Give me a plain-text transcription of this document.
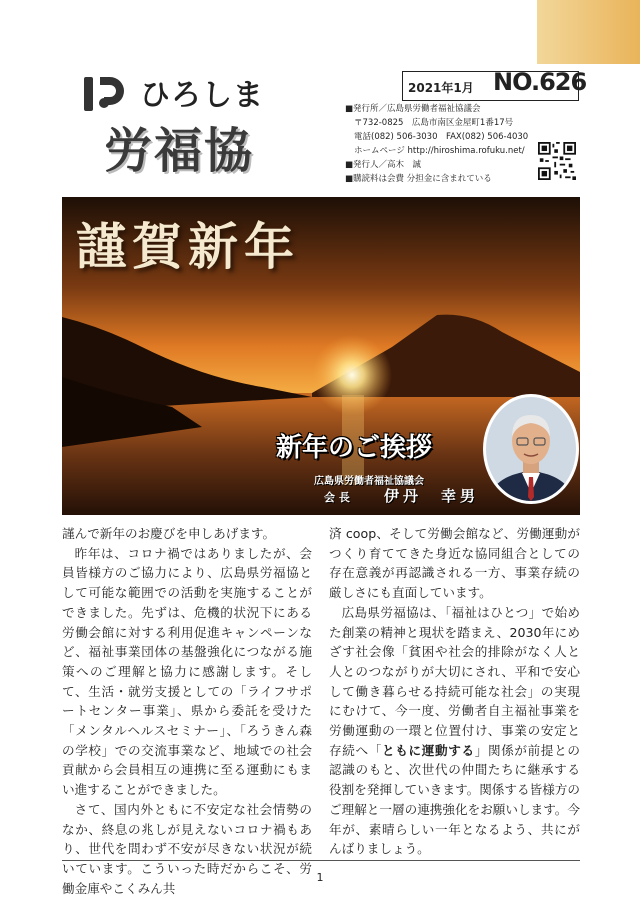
ひろしま
労福協
2021年1月 NO.626
■発行所／広島県労働者福祉協議会
〒732-0825　広島市南区金屋町1番17号
電話(082) 506-3030　FAX(082) 506-4030
ホームページ http://hiroshima.rofuku.net/
■発行人／高木　誠
■購読料は会費 分担金に含まれている
謹賀新年
新年のご挨拶
広島県労働者福祉協議会
会 長 伊丹　幸男

謹んで新年のお慶びを申しあげます。

昨年は、コロナ禍ではありましたが、会員皆様方のご協力により、広島県労福協として可能な範囲での活動を実施することができました。先ずは、危機的状況下にある労働会館に対する利用促進キャンペーンなど、福祉事業団体の基盤強化につながる施策へのご理解と協力に感謝します。そして、生活・就労支援としての「ライフサポートセンター事業」、県から委託を受けた「メンタルヘルスセミナー」、「ろうきん森の学校」での交流事業など、地域での社会貢献から会員相互の連携に至る運動にもまい進することができました。

さて、国内外ともに不安定な社会情勢のなか、終息の兆しが見えないコロナ禍もあり、世代を問わず不安が尽きない状況が続いています。こういった時だからこそ、労働金庫やこくみん共

済 coop、そして労働会館など、労働運動がつくり育ててきた身近な協同組合としての存在意義が再認識される一方、事業存続の厳しさにも直面しています。

広島県労福協は、「福祉はひとつ」で始めた創業の精神と現状を踏まえ、2030年にめざす社会像「貧困や社会的排除がなく人と人とのつながりが大切にされ、平和で安心して働き暮らせる持続可能な社会」の実現にむけて、今一度、労働者自主福祉事業を労働運動の一環と位置付け、事業の安定と存続へ「ともに運動する」関係が前提との認識のもと、次世代の仲間たちに継承する役割を発揮していきます。関係する皆様方のご理解と一層の連携強化をお願いします。今年が、素晴らしい一年となるよう、共にがんばりましょう。

1
